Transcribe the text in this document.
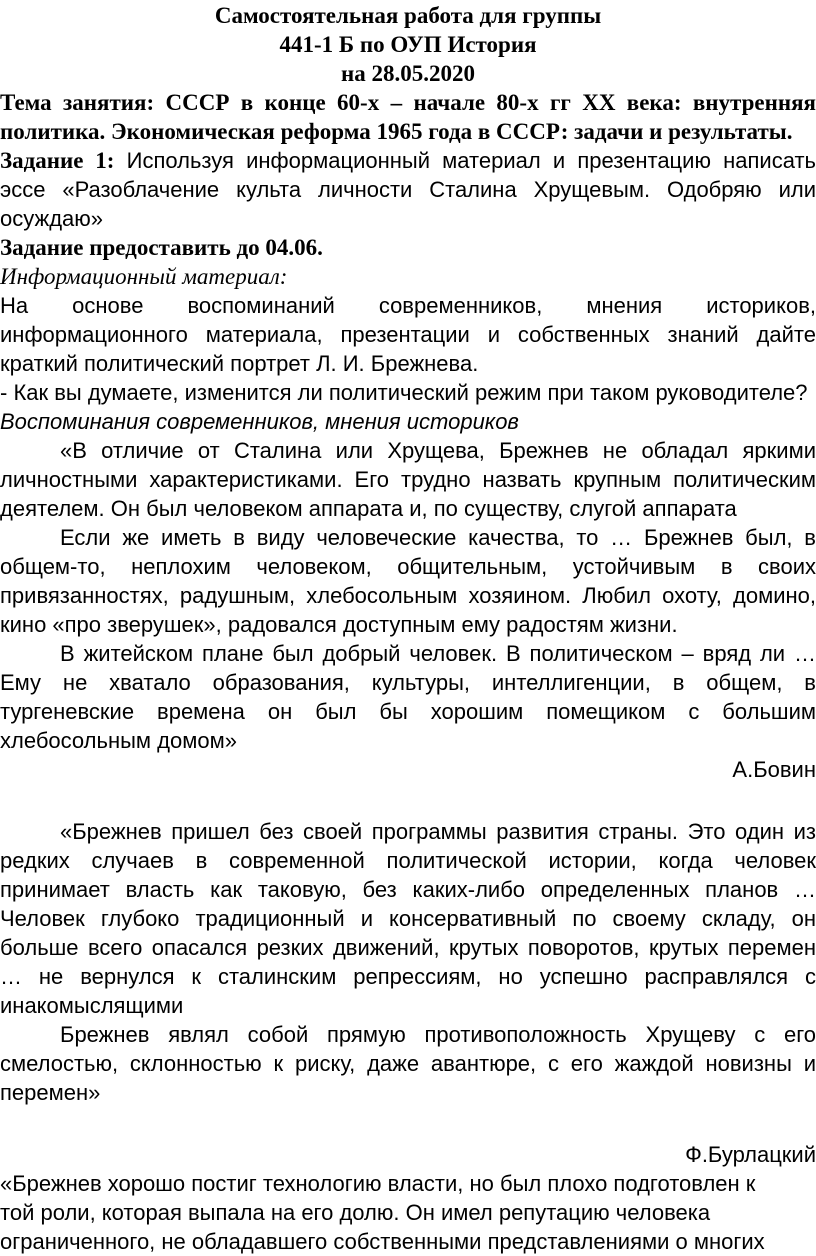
Самостоятельная работа для группы
441-1 Б по ОУП История
на 28.05.2020

Тема занятия: СССР в конце 60-х – начале 80-х гг XX века: внутренняя политика. Экономическая реформа 1965 года в СССР: задачи и результаты.

Задание 1: Используя информационный материал и презентацию написать эссе «Разоблачение культа личности Сталина Хрущевым. Одобряю или осуждаю»

Задание предоставить до 04.06.

Информационный материал:

На основе воспоминаний современников, мнения историков, информационного материала, презентации и собственных знаний дайте краткий политический портрет Л. И. Брежнева.

- Как вы думаете, изменится ли политический режим при таком руководителе?

Воспоминания современников, мнения историков

«В отличие от Сталина или Хрущева, Брежнев не обладал яркими личностными характеристиками. Его трудно назвать крупным политическим деятелем. Он был человеком аппарата и, по существу, слугой аппарата

Если же иметь в виду человеческие качества, то … Брежнев был, в общем-то, неплохим человеком, общительным, устойчивым в своих привязанностях, радушным, хлебосольным хозяином. Любил охоту, домино, кино «про зверушек», радовался доступным ему радостям жизни.

В житейском плане был добрый человек. В политическом – вряд ли … Ему не хватало образования, культуры, интеллигенции, в общем, в тургеневские времена он был бы хорошим помещиком с большим хлебосольным домом»

А.Бовин

«Брежнев пришел без своей программы развития страны. Это один из редких случаев в современной политической истории, когда человек принимает власть как таковую, без каких-либо определенных планов … Человек глубоко традиционный и консервативный по своему складу, он больше всего опасался резких движений, крутых поворотов, крутых перемен … не вернулся к сталинским репрессиям, но успешно расправлялся с инакомыслящими

Брежнев являл собой прямую противоположность Хрущеву с его смелостью, склонностью к риску, даже авантюре, с его жаждой новизны и перемен»

Ф.Бурлацкий

«Брежнев хорошо постиг технологию власти, но был плохо подготовлен к той роли, которая выпала на его долю. Он имел репутацию человека ограниченного, не обладавшего собственными представлениями о многих
